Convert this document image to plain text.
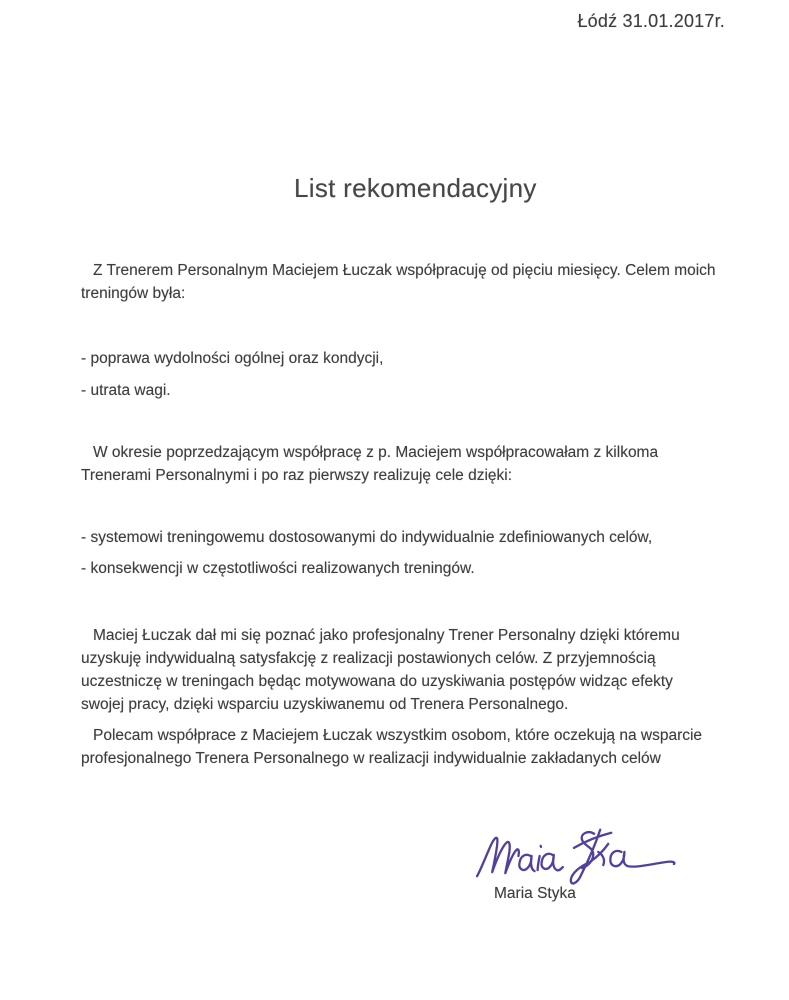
Łódź 31.01.2017r.
List rekomendacyjny
Z Trenerem Personalnym Maciejem Łuczak współpracuję od pięciu miesięcy. Celem moich
treningów była:
- poprawa wydolności ogólnej oraz kondycji,
- utrata wagi.
W okresie poprzedzającym współpracę z p. Maciejem współpracowałam z kilkoma
Trenerami Personalnymi i po raz pierwszy realizuję cele dzięki:
- systemowi treningowemu dostosowanymi do indywidualnie zdefiniowanych celów,
- konsekwencji w częstotliwości realizowanych treningów.
Maciej Łuczak dał mi się poznać jako profesjonalny Trener Personalny dzięki któremu
uzyskuję indywidualną satysfakcję z realizacji postawionych celów. Z przyjemnością
uczestniczę w treningach będąc motywowana do uzyskiwania postępów widząc efekty
swojej pracy, dzięki wsparciu uzyskiwanemu od Trenera Personalnego.
Polecam współprace z Maciejem Łuczak wszystkim osobom, które oczekują na wsparcie
profesjonalnego Trenera Personalnego w realizacji indywidualnie zakładanych celów
Maria Styka
